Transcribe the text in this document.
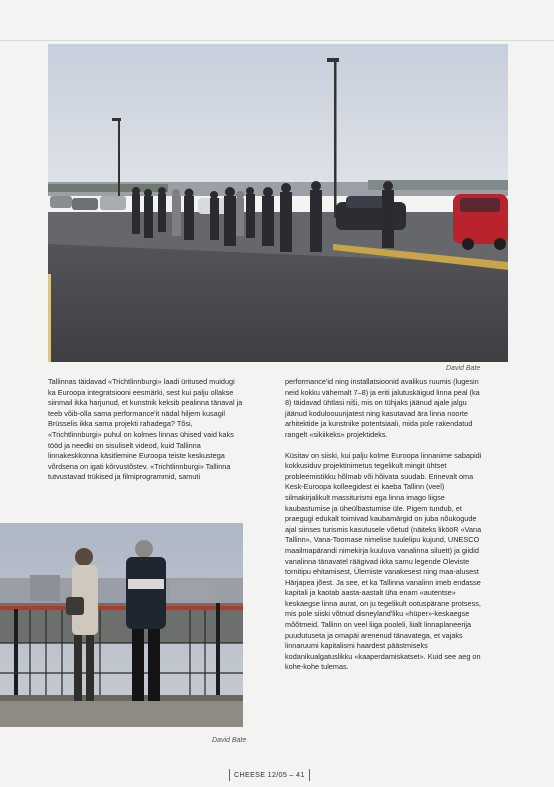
David Bate

Tallinnas täidavad «Trichtlinnburgi» laadi üritused muidugi ka Euroopa integratsiooni eesmärki, sest kui palju ollakse siinmail ikka harjunud, et kunstnik keksib pealinna tänaval ja teeb võib-olla sama performance'it nädal hiljem kusagil Brüsselis ikka sama projekti rahadega? Tõsi, «Trichtlinnburgi» puhul on kolmes linnas ühised vaid kaks tööd ja needki on sisuliselt videod, kuid Tallinna linnakeskkonna käsitlemine Euroopa teiste keskustega võrdsena on igati kõrvustõstev. «Trichtlinnburgi» Tallinna tutvustavad trükised ja filmiprogrammid, samuti

performance'id ning installatsioonid avalikus ruumis (lugesin neid kokku vähemalt 7–8) ja eriti jalutuskäigud linna peal (ka 8) täidavad ühtlasi niši, mis on tühjaks jäänud ajale jalgu jäänud koduloouurijatest ning kasutavad ära linna noorte arhitektide ja kunstnike potentsiaali, mida pole rakendatud rangelt «sikiikeks» projektideks.

Küsitav on siiski, kui palju kolme Euroopa linnanime sabapidi kokkusiduv projektinimetus tegelikult mingit ühtset probleemistikku hõlmab või hõivata suudab. Erinevalt oma Kesk-Euroopa kolleegidest ei kaeba Tallinn (veel) silmakirjalikult massiturismi ega linna imago liigse kaubastumise ja üheülbastumise üle. Pigem tundub, et praegugi edukalt toimivad kaubamärgid on juba nõukogude ajal siinses turismis kasutusele võetud (näiteks likööR «Vana Tallinn», Vana-Toomase nimelise tuulelipu kujund, UNESCO maailmapärandi nimekirja kuuluva vanalinna siluett) ja giidid vanalinna tänavatel räägivad ikka samu legende Oleviste tornitipu ehitamisest, Ülemiste vanakesest ning maa-alusest Härjapea jõest. Ja see, et ka Tallinna vanalinn imeb endasse kapitali ja kaotab aasta-aastalt üha enam «autentse» keskaegse linna aurat, on ju tegelikult ootuspärane protsess, mis pole siiski võtnud disneyland'liku «hüper»-keskaegse mõõtmeid. Tallinn on veel liiga pooleli, liialt linnaplaneerija puudutuseta ja omapäi arenenud tänavatega, et vajaks linnaruumi kapitalismi haardest päästmiseks kodanikualgatuslikku «kaaperdamiskatset». Kuid see aeg on kohe-kohe tulemas.

David Bate
CHEESE 12/05 – 41
